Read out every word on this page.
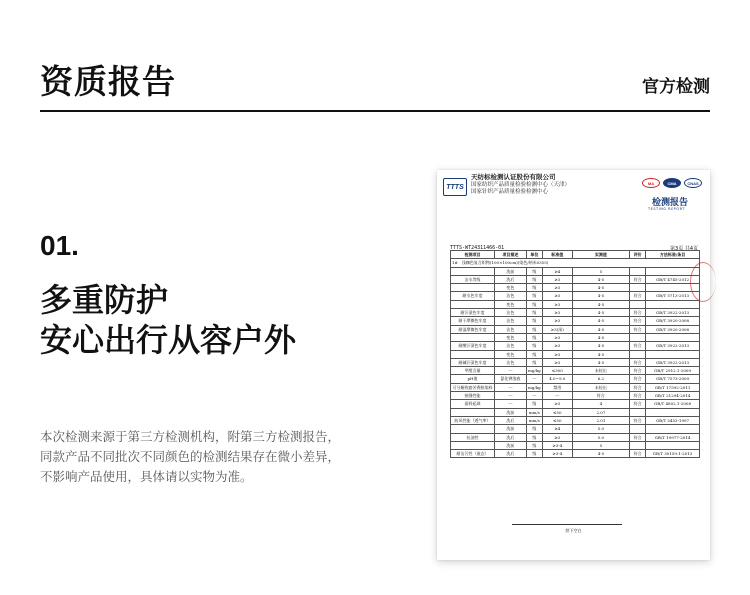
资质报告	官方检测
01.
多重防护
安心出行从容户外
本次检测来源于第三方检测机构，附第三方检测报告，
同款产品不同批次不同颜色的检测结果存在微小差异，
不影响产品使用，具体请以实物为准。
TTTS
天纺标检测认证股份有限公司
国家纺织产品质量检验检测中心（天津）
国家针织产品质量检验检测中心
MA	CMA	CNAS
检测报告
TESTING REPORT
TTTS-WT24311466-01	第3页 共4页
检测项目	项目描述	单位	标准值	实测值	评价	方法标准/条目
1#　浅咖色复合织物(100×100cm)(染色/纳米0355)						
	洗前	级	≥4	5		
沾水等级	洗后	级	≥3	4-5	符合	GB/T 4745-2012
	变色	级	≥3	4-5		
耐水色牢度	沾色	级	≥3	4-5	符合	GB/T 5713-2013
	变色	级	≥3	4-5		
耐汗渍色牢度	沾色	级	≥3	4-5	符合	GB/T 3922-2013
耐干摩擦色牢度	沾色	级	≥3	4-5	符合	GB/T 3920-2008
耐湿摩擦色牢度	沾色	级	≥3(深)	4-5	符合	GB/T 3920-2008
	变色	级	≥3	4-5		
耐酸汗渍色牢度	沾色	级	≥3	4-5	符合	GB/T 3922-2013
	变色	级	≥3	4-5		
耐碱汗渍色牢度	沾色	级	≥3	4-5	符合	GB/T 3922-2013
甲醛含量	---	mg/kg	≤300	未检出	符合	GB/T 2912.1-2009
pH值	氯化钾溶液	---	4.0~9.0	6.2	符合	GB/T 7573-2009
可分解致癌芳香胺染料	---	mg/kg	禁用	未检出	符合	GB/T 17592-2011
接缝性能	---	---	---	符合	符合	GB/T 21294-2014
面料起球	---	级	≥3	4	符合	GB/T 4802.1-2008
	洗前	mm/s	≤50	2.07		
防风性能（透气率）	洗后	mm/s	≤50	2.01	符合	GB/T 5453-1997
	洗前	级	≥4	5.0		
抗油性	洗后	级	≥3	5.0	符合	GB/T 19977-2014
	洗前	级	≥3-4	5		
耐沾污性（液态）	洗后	级	≥3-4	4-5	符合	GB/T 30159.1-2013
续下空白
